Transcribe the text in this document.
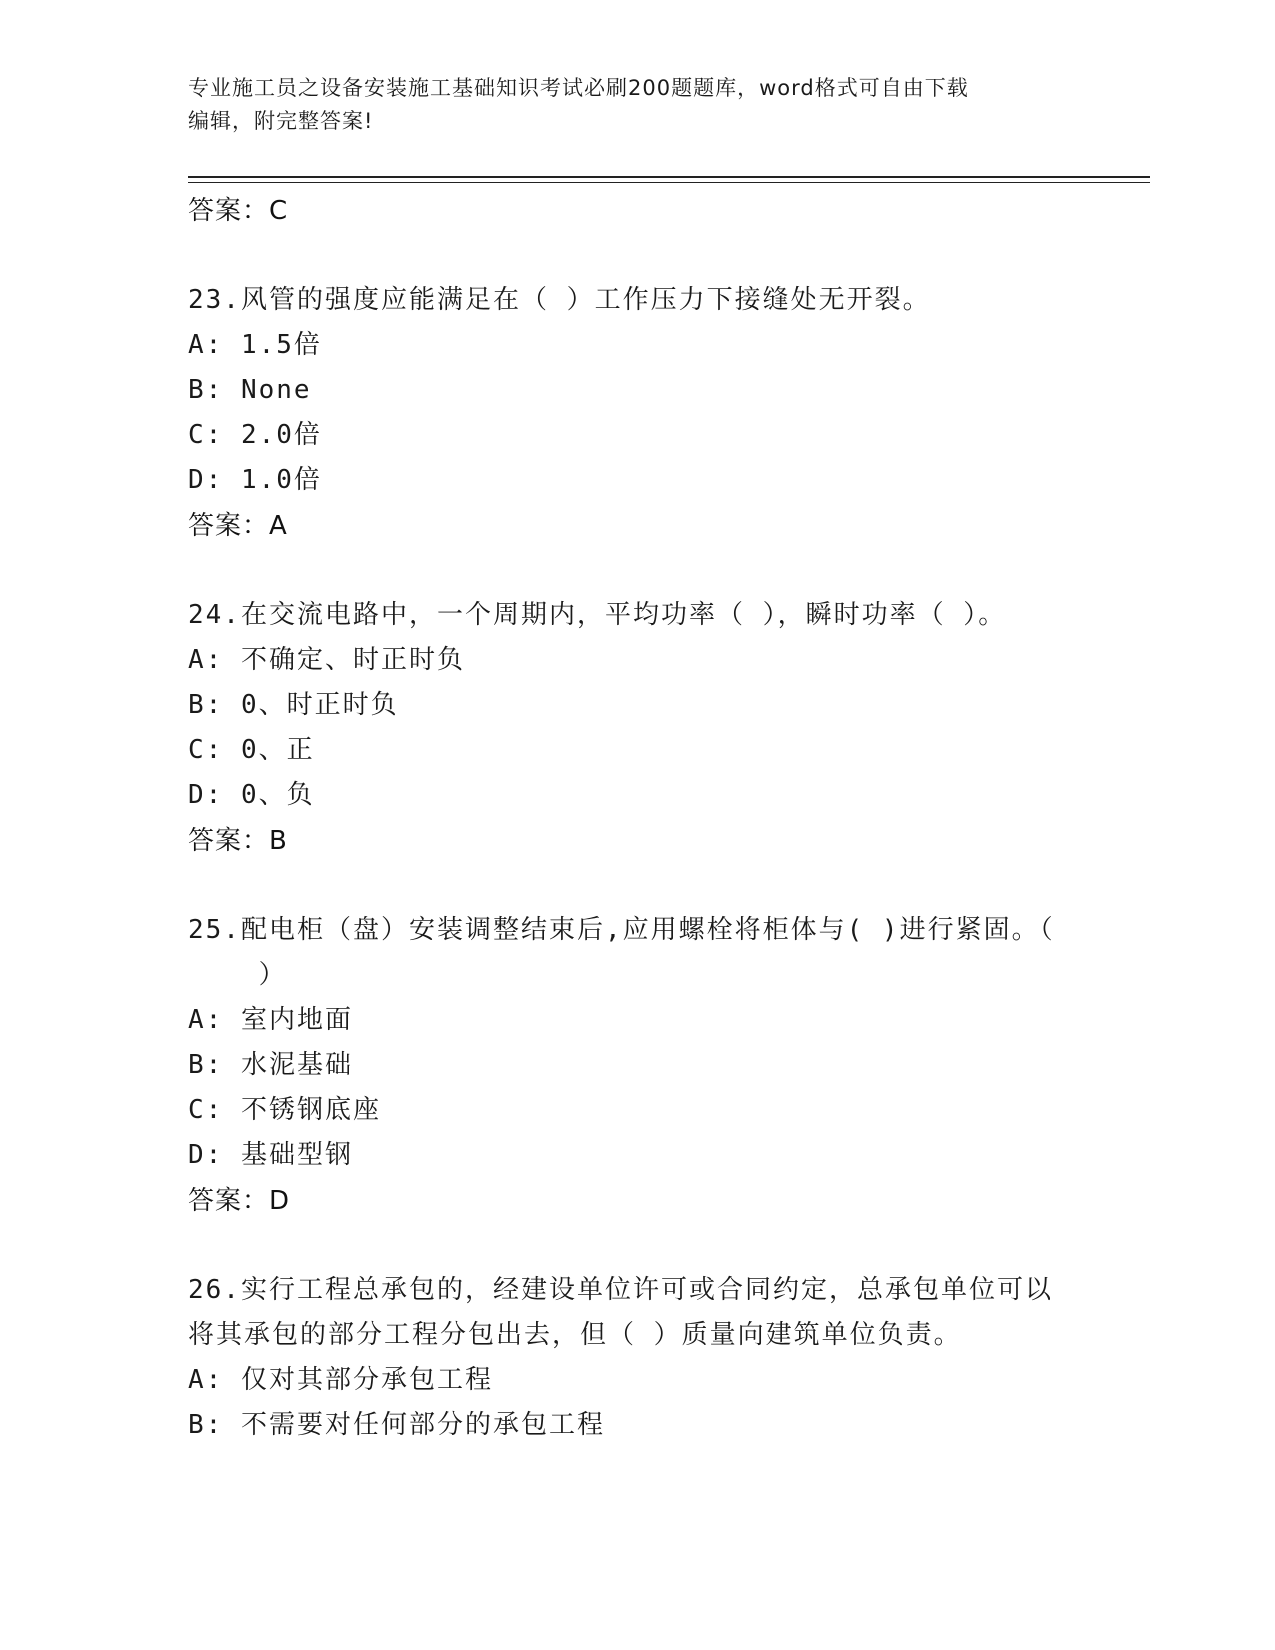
专业施工员之设备安装施工基础知识考试必刷200题题库，word格式可自由下载
编辑，附完整答案!
答案：C
23.风管的强度应能满足在（ ）工作压力下接缝处无开裂。
A: 1.5倍
B: None
C: 2.0倍
D: 1.0倍
答案：A
24.在交流电路中，一个周期内，平均功率（ ），瞬时功率（ ）。
A: 不确定、时正时负
B: 0、时正时负
C: 0、正
D: 0、负
答案：B
25.配电柜（盘）安装调整结束后,应用螺栓将柜体与( )进行紧固。（
）
A: 室内地面
B: 水泥基础
C: 不锈钢底座
D: 基础型钢
答案：D
26.实行工程总承包的，经建设单位许可或合同约定，总承包单位可以
将其承包的部分工程分包出去，但（ ）质量向建筑单位负责。
A: 仅对其部分承包工程
B: 不需要对任何部分的承包工程
